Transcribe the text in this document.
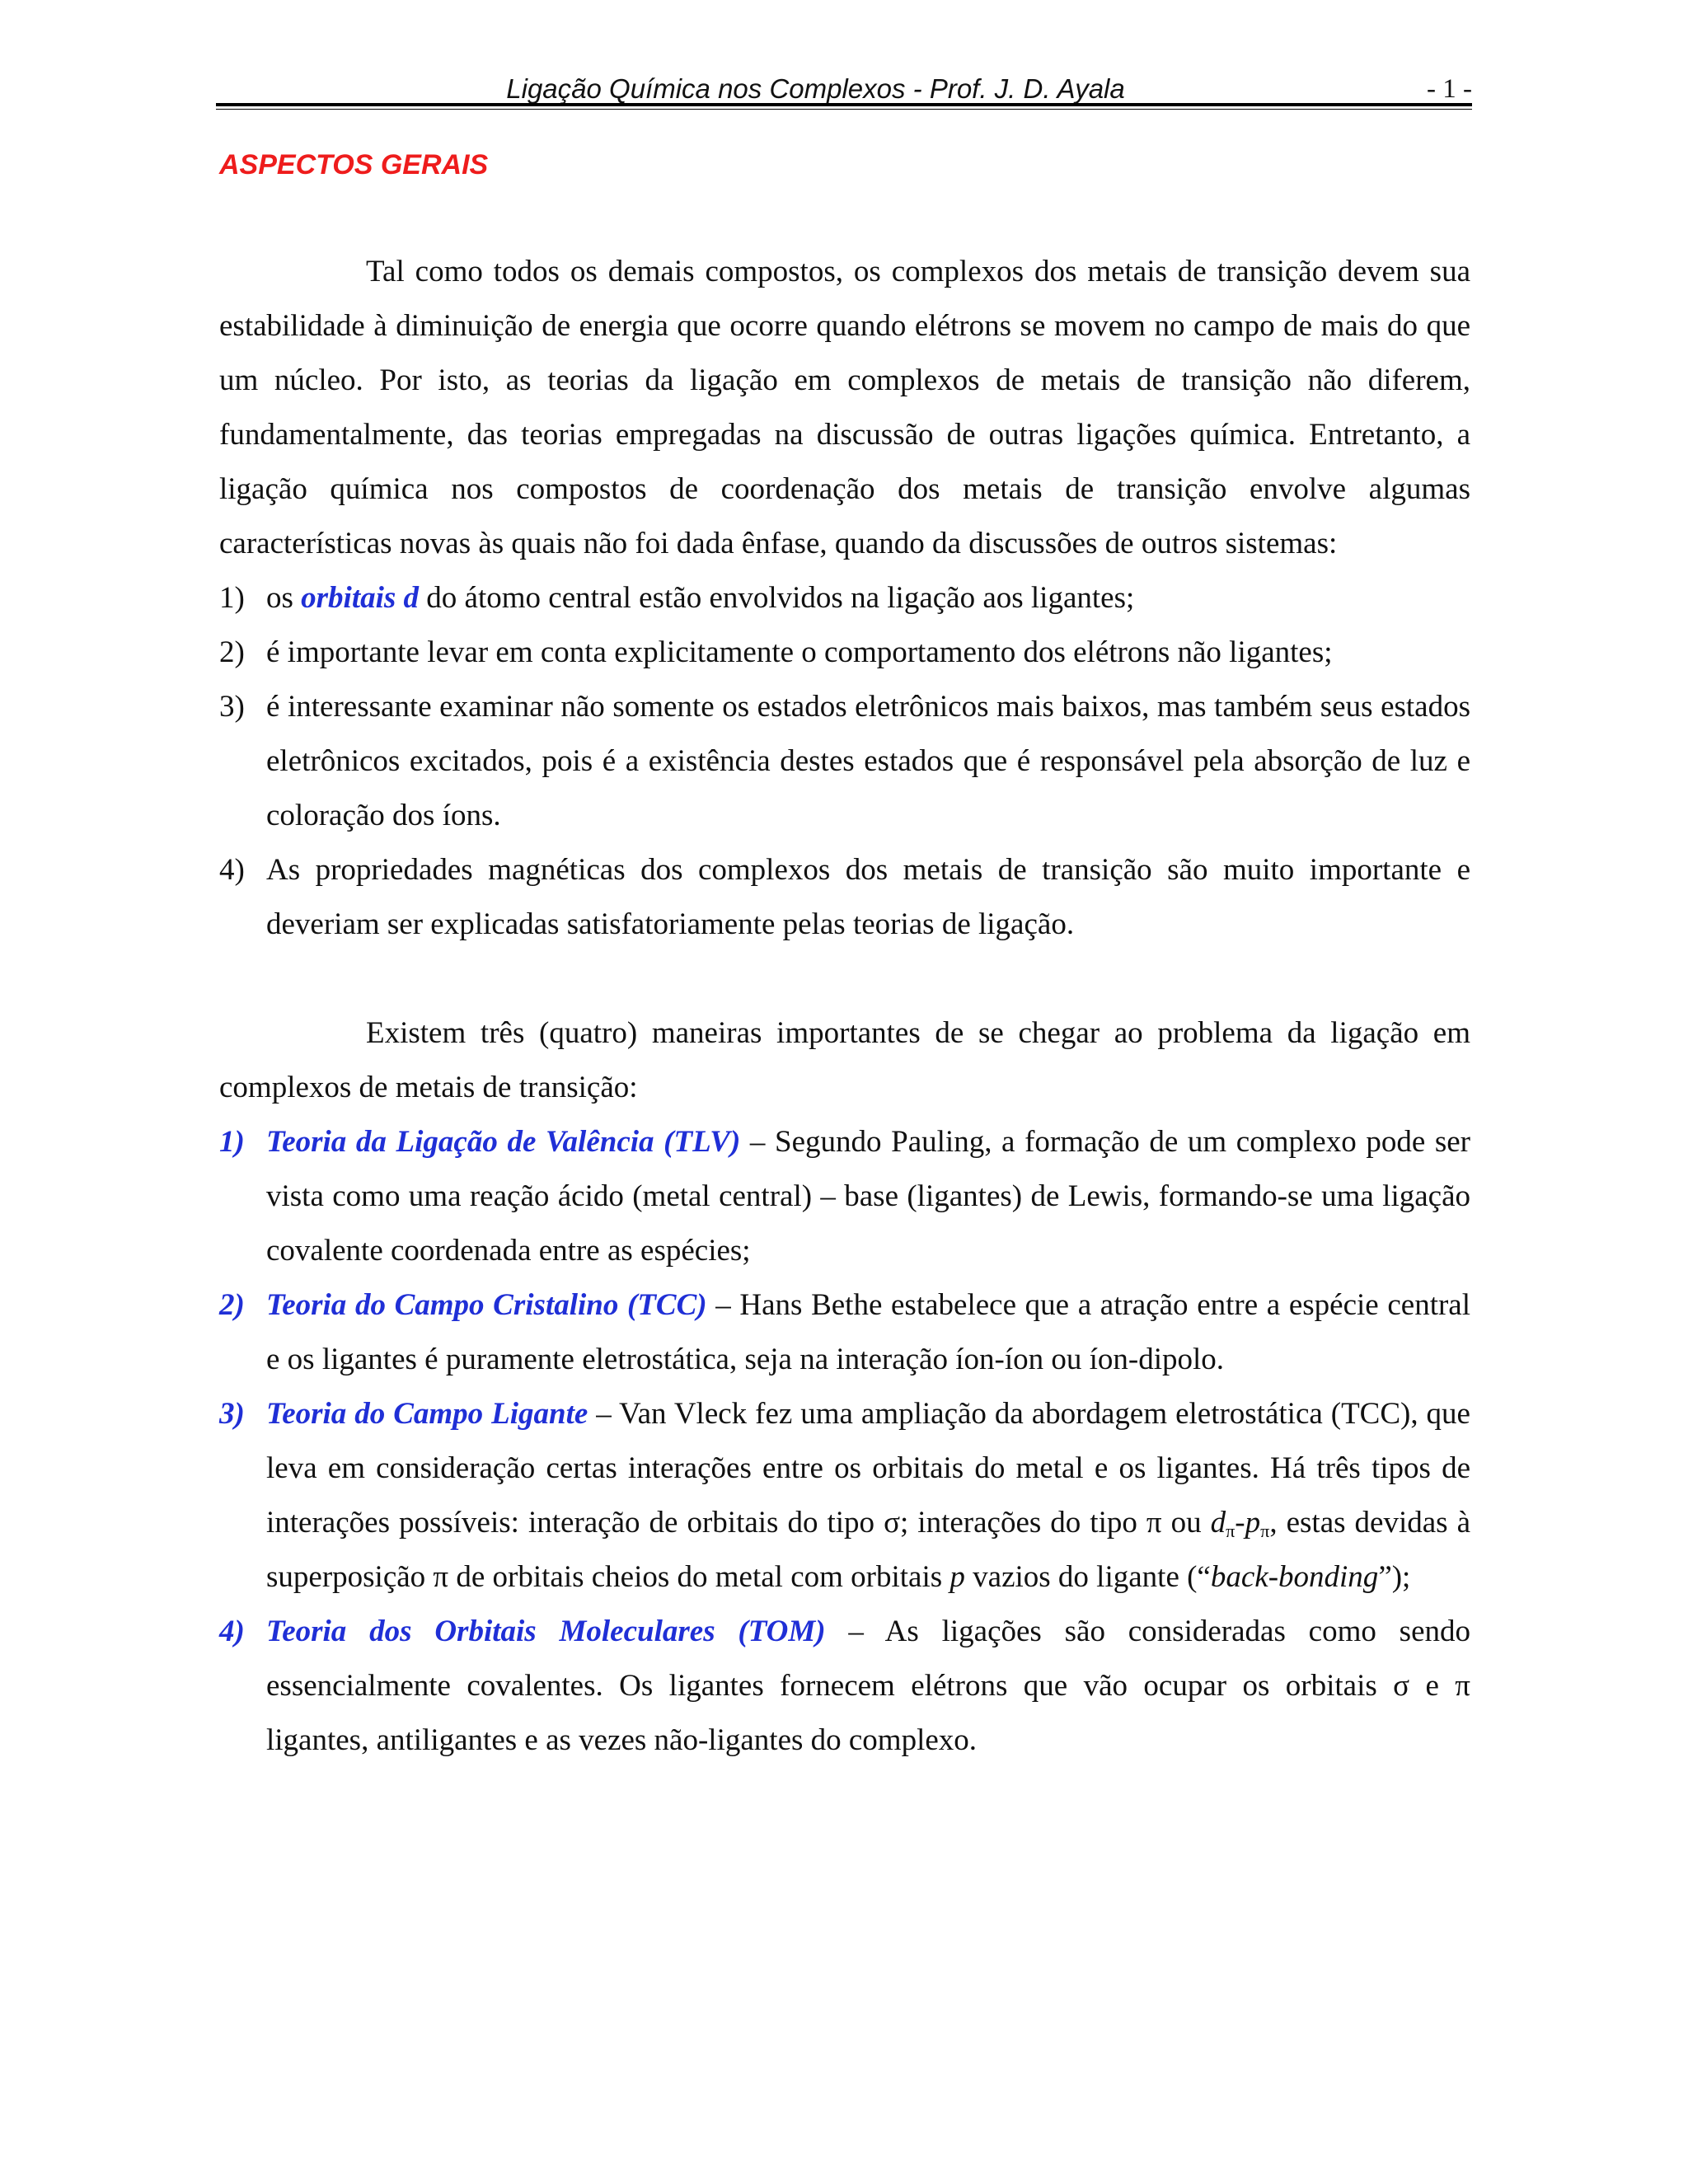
Ligação Química nos Complexos - Prof. J. D. Ayala	- 1 -
ASPECTOS GERAIS

Tal como todos os demais compostos, os complexos dos metais de transição devem sua estabilidade à diminuição de energia que ocorre quando elétrons se movem no campo de mais do que um núcleo. Por isto, as teorias da ligação em complexos de metais de transição não diferem, fundamentalmente, das teorias empregadas na discussão de outras ligações química. Entretanto, a ligação química nos compostos de coordenação dos metais de transição envolve algumas características novas às quais não foi dada ênfase, quando da discussões de outros sistemas:

1) os orbitais d do átomo central estão envolvidos na ligação aos ligantes;
2) é importante levar em conta explicitamente o comportamento dos elétrons não ligantes;
3) é interessante examinar não somente os estados eletrônicos mais baixos, mas também seus estados eletrônicos excitados, pois é a existência destes estados que é responsável pela absorção de luz e coloração dos íons.
4) As propriedades magnéticas dos complexos dos metais de transição são muito importante e deveriam ser explicadas satisfatoriamente pelas teorias de ligação.

Existem três (quatro) maneiras importantes de se chegar ao problema da ligação em complexos de metais de transição:

1) Teoria da Ligação de Valência (TLV) – Segundo Pauling, a formação de um complexo pode ser vista como uma reação ácido (metal central) – base (ligantes) de Lewis, formando-se uma ligação covalente coordenada entre as espécies;
2) Teoria do Campo Cristalino (TCC) – Hans Bethe estabelece que a atração entre a espécie central e os ligantes é puramente eletrostática, seja na interação íon-íon ou íon-dipolo.
3) Teoria do Campo Ligante – Van Vleck fez uma ampliação da abordagem eletrostática (TCC), que leva em consideração certas interações entre os orbitais do metal e os ligantes. Há três tipos de interações possíveis: interação de orbitais do tipo σ; interações do tipo π ou $d_\pi-p_\pi$, estas devidas à superposição π de orbitais cheios do metal com orbitais p vazios do ligante (“back-bonding”);
4) Teoria dos Orbitais Moleculares (TOM) – As ligações são consideradas como sendo essencialmente covalentes. Os ligantes fornecem elétrons que vão ocupar os orbitais σ e π ligantes, antiligantes e as vezes não-ligantes do complexo.
